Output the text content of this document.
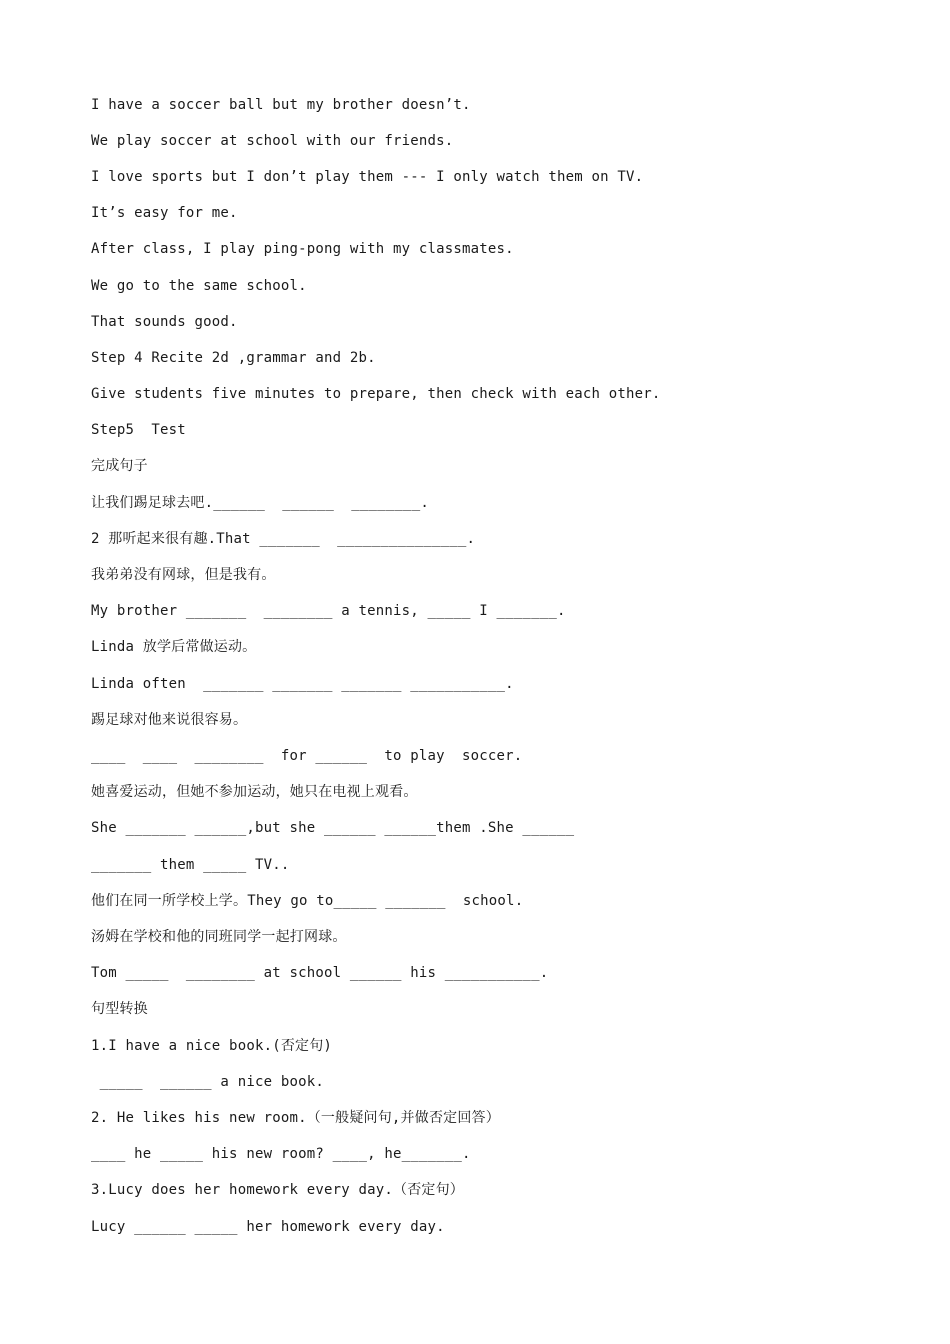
I have a soccer ball but my brother doesn’t.
We play soccer at school with our friends.
I love sports but I don’t play them --- I only watch them on TV.
It’s easy for me.
After class, I play ping-pong with my classmates.
We go to the same school.
That sounds good.
Step 4 Recite 2d ,grammar and 2b.
Give students five minutes to prepare, then check with each other.
Step5  Test
完成句子
让我们踢足球去吧.______  ______  ________.
2 那听起来很有趣.That _______  _______________.
我弟弟没有网球，但是我有。
My brother _______  ________ a tennis, _____ I _______.
Linda 放学后常做运动。
Linda often  _______ _______ _______ ___________.
踢足球对他来说很容易。
____  ____  ________  for ______  to play  soccer.
她喜爱运动，但她不参加运动，她只在电视上观看。
She _______ ______,but she ______ ______them .She ______
_______ them _____ TV..
他们在同一所学校上学。They go to_____ _______  school.
汤姆在学校和他的同班同学一起打网球。
Tom _____  ________ at school ______ his ___________.
句型转换
1.I have a nice book.(否定句)
_____  ______ a nice book.
2. He likes his new room.（一般疑问句,并做否定回答）
____ he _____ his new room? ____, he_______.
3.Lucy does her homework every day.（否定句）
Lucy ______ _____ her homework every day.
